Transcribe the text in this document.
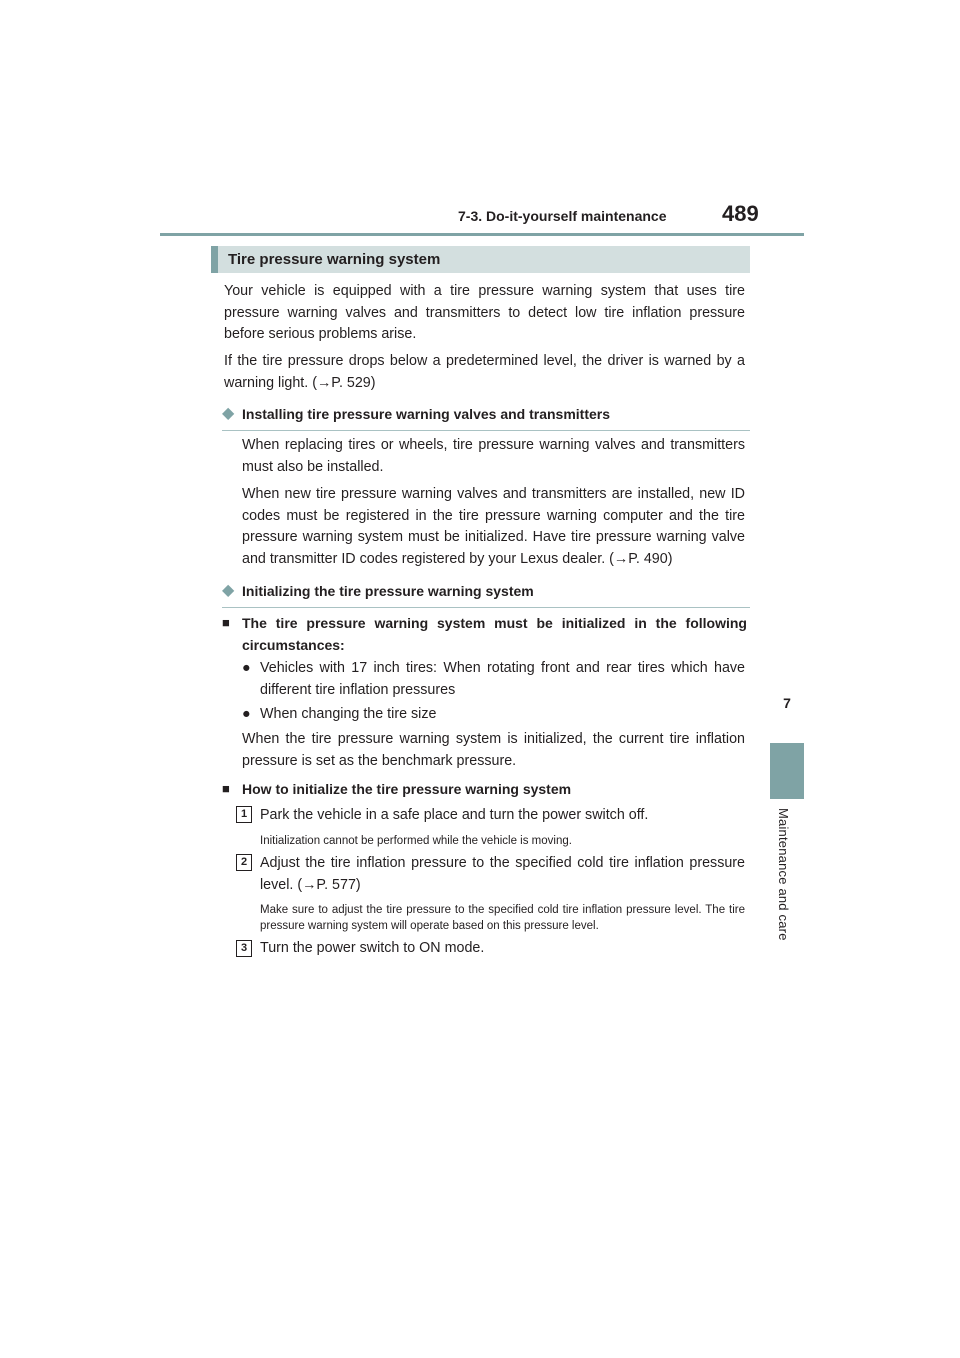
7-3. Do-it-yourself maintenance	489
7
Maintenance and care
Tire pressure warning system
Your vehicle is equipped with a tire pressure warning system that uses tire pressure warning valves and transmitters to detect low tire inflation pressure before serious problems arise.
If the tire pressure drops below a predetermined level, the driver is warned by a warning light. (→P. 529)
◆ Installing tire pressure warning valves and transmitters
When replacing tires or wheels, tire pressure warning valves and transmitters must also be installed.
When new tire pressure warning valves and transmitters are installed, new ID codes must be registered in the tire pressure warning computer and the tire pressure warning system must be initialized. Have tire pressure warning valve and transmitter ID codes registered by your Lexus dealer. (→P. 490)
◆ Initializing the tire pressure warning system
■ The tire pressure warning system must be initialized in the following circumstances:
● Vehicles with 17 inch tires: When rotating front and rear tires which have different tire inflation pressures
● When changing the tire size
When the tire pressure warning system is initialized, the current tire inflation pressure is set as the benchmark pressure.
■ How to initialize the tire pressure warning system
1 Park the vehicle in a safe place and turn the power switch off.
Initialization cannot be performed while the vehicle is moving.
2 Adjust the tire inflation pressure to the specified cold tire inflation pressure level. (→P. 577)
Make sure to adjust the tire pressure to the specified cold tire inflation pressure level. The tire pressure warning system will operate based on this pressure level.
3 Turn the power switch to ON mode.
